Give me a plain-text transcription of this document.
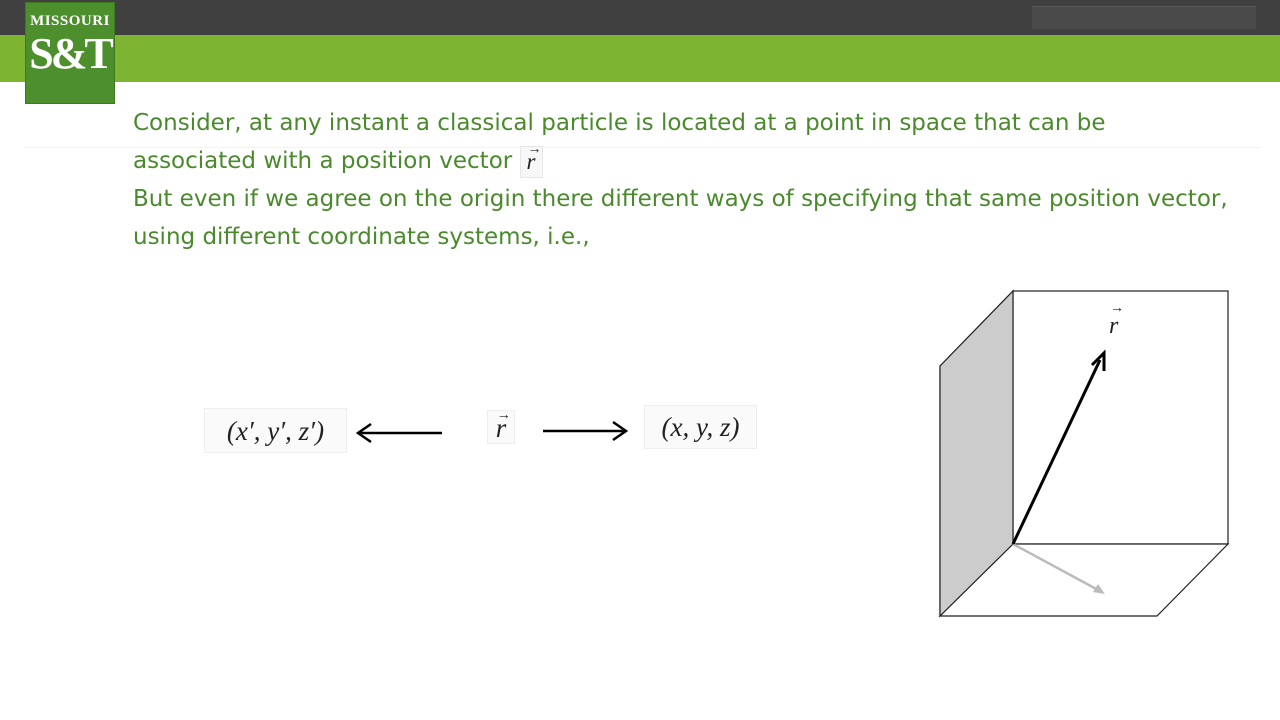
MISSOURI
S&T

Consider, at any instant a classical particle is located at a point in space that can be associated with a position vector → r

But even if we agree on the origin there different ways of specifying that same position vector, using different coordinate systems, i.e.,

(x′, y′, z′)	→ r	(x, y, z)
→ r
